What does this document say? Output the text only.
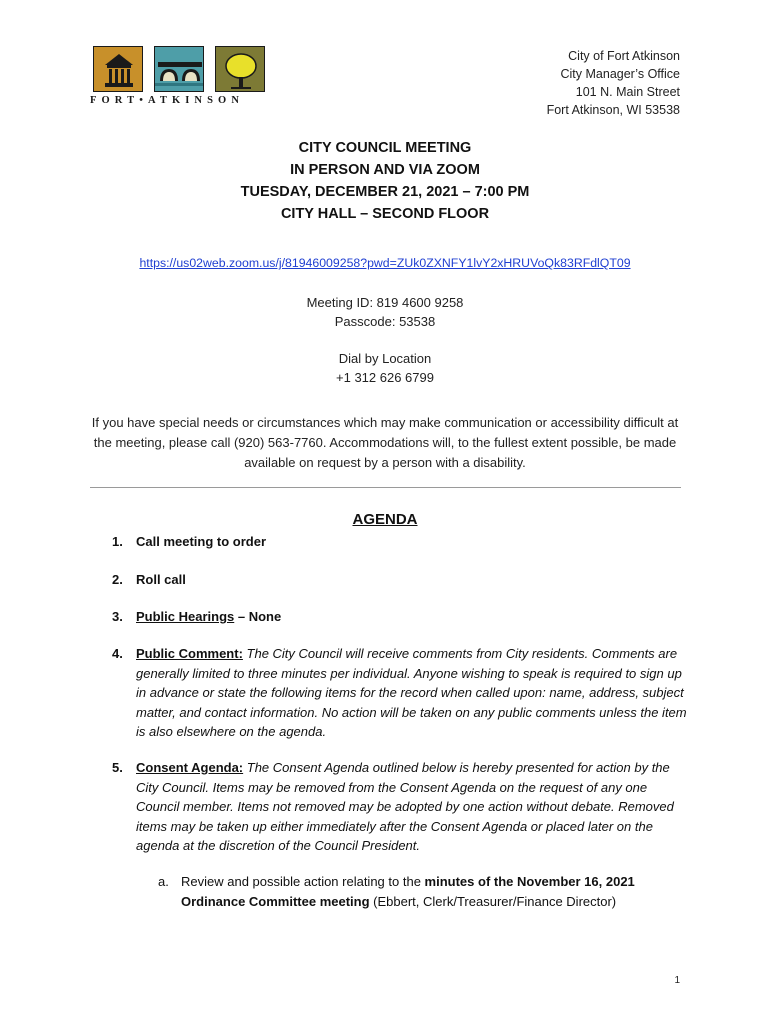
FORT•ATKINSON
City of Fort Atkinson
City Manager’s Office
101 N. Main Street
Fort Atkinson, WI 53538
CITY COUNCIL MEETING
IN PERSON AND VIA ZOOM
TUESDAY, DECEMBER 21, 2021 – 7:00 PM
CITY HALL – SECOND FLOOR
https://us02web.zoom.us/j/81946009258?pwd=ZUk0ZXNFY1lvY2xHRUVoQk83RFdlQT09
Meeting ID: 819 4600 9258
Passcode: 53538
Dial by Location
+1 312 626 6799
If you have special needs or circumstances which may make communication or accessibility difficult at the meeting, please call (920) 563-7760. Accommodations will, to the fullest extent possible, be made available on request by a person with a disability.
AGENDA
1. Call meeting to order
2. Roll call
3. Public Hearings – None
4. Public Comment: The City Council will receive comments from City residents. Comments are generally limited to three minutes per individual. Anyone wishing to speak is required to sign up in advance or state the following items for the record when called upon: name, address, subject matter, and contact information. No action will be taken on any public comments unless the item is also elsewhere on the agenda.
5. Consent Agenda: The Consent Agenda outlined below is hereby presented for action by the City Council. Items may be removed from the Consent Agenda on the request of any one Council member. Items not removed may be adopted by one action without debate. Removed items may be taken up either immediately after the Consent Agenda or placed later on the agenda at the discretion of the Council President.
a. Review and possible action relating to the minutes of the November 16, 2021 Ordinance Committee meeting (Ebbert, Clerk/Treasurer/Finance Director)
1
